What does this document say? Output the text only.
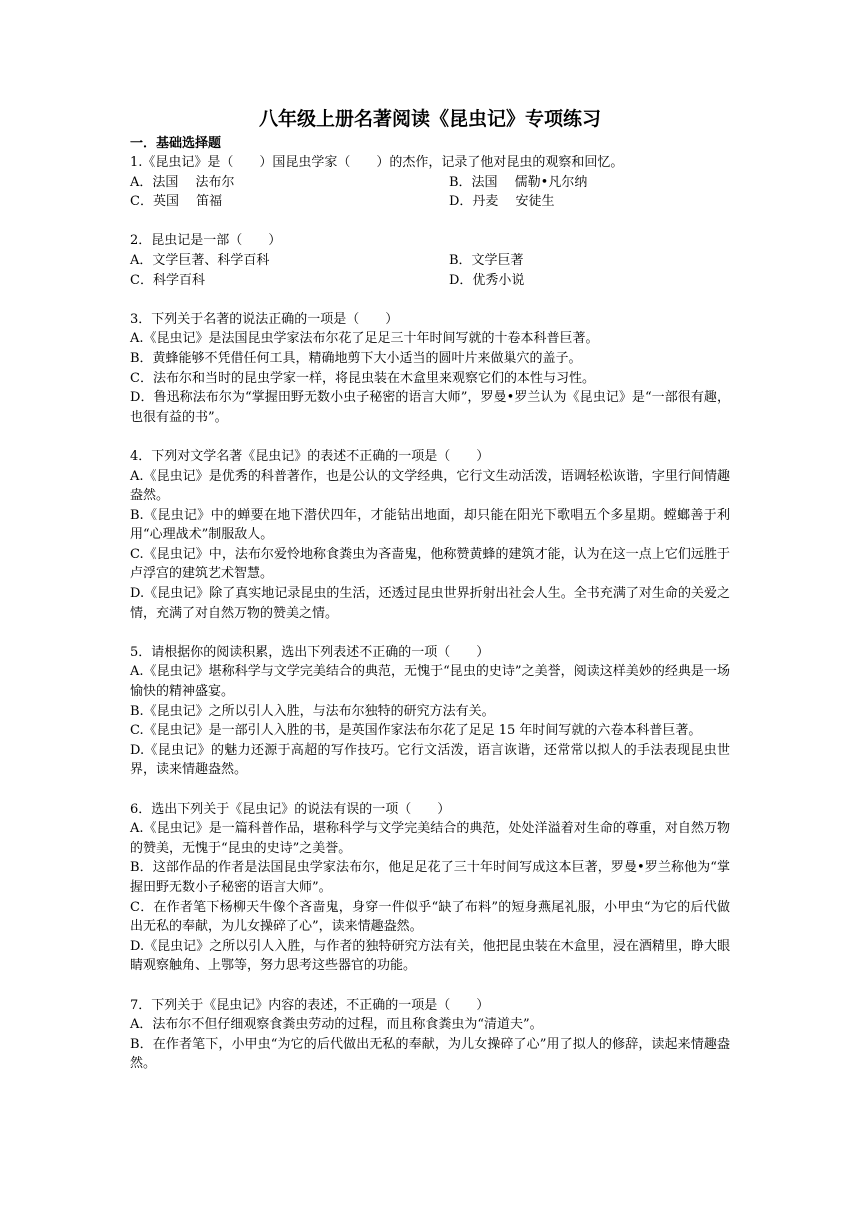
八年级上册名著阅读《昆虫记》专项练习
一．基础选择题
1.《昆虫记》是（　　）国昆虫学家（　　）的杰作，记录了他对昆虫的观察和回忆。
A．法国　 法布尔	B．法国　 儒勒•凡尔纳
C．英国　 笛福	D．丹麦　 安徒生
2．昆虫记是一部（　　）
A．文学巨著、科学百科	B．文学巨著
C．科学百科	D．优秀小说
3．下列关于名著的说法正确的一项是（　　）
A.《昆虫记》是法国昆虫学家法布尔花了足足三十年时间写就的十卷本科普巨著。
B．黄蜂能够不凭借任何工具，精确地剪下大小适当的圆叶片来做巢穴的盖子。
C．法布尔和当时的昆虫学家一样，将昆虫装在木盒里来观察它们的本性与习性。
D．鲁迅称法布尔为“掌握田野无数小虫子秘密的语言大师”，罗曼•罗兰认为《昆虫记》是“一部很有趣，也很有益的书”。
4．下列对文学名著《昆虫记》的表述不正确的一项是（　　）
A.《昆虫记》是优秀的科普著作，也是公认的文学经典，它行文生动活泼，语调轻松诙谐，字里行间情趣盎然。
B.《昆虫记》中的蝉要在地下潜伏四年，才能钻出地面，却只能在阳光下歌唱五个多星期。螳螂善于利用“心理战术”制服敌人。
C.《昆虫记》中，法布尔爱怜地称食粪虫为吝啬鬼，他称赞黄蜂的建筑才能，认为在这一点上它们远胜于卢浮宫的建筑艺术智慧。
D.《昆虫记》除了真实地记录昆虫的生活，还透过昆虫世界折射出社会人生。全书充满了对生命的关爱之情，充满了对自然万物的赞美之情。
5．请根据你的阅读积累，选出下列表述不正确的一项（　　）
A.《昆虫记》堪称科学与文学完美结合的典范，无愧于“昆虫的史诗”之美誉，阅读这样美妙的经典是一场愉快的精神盛宴。
B.《昆虫记》之所以引人入胜，与法布尔独特的研究方法有关。
C.《昆虫记》是一部引人入胜的书，是英国作家法布尔花了足足 15 年时间写就的六卷本科普巨著。
D.《昆虫记》的魅力还源于高超的写作技巧。它行文活泼，语言诙谐，还常常以拟人的手法表现昆虫世界，读来情趣盎然。
6．选出下列关于《昆虫记》的说法有误的一项（　　）
A.《昆虫记》是一篇科普作品，堪称科学与文学完美结合的典范，处处洋溢着对生命的尊重，对自然万物的赞美，无愧于“昆虫的史诗”之美誉。
B．这部作品的作者是法国昆虫学家法布尔，他足足花了三十年时间写成这本巨著，罗曼•罗兰称他为“掌握田野无数小子秘密的语言大师”。
C．在作者笔下杨柳天牛像个吝啬鬼，身穿一件似乎“缺了布料”的短身燕尾礼服，小甲虫“为它的后代做出无私的奉献，为儿女操碎了心”，读来情趣盎然。
D.《昆虫记》之所以引人入胜，与作者的独特研究方法有关，他把昆虫装在木盒里，浸在酒精里，睁大眼睛观察触角、上鄂等，努力思考这些器官的功能。
7．下列关于《昆虫记》内容的表述，不正确的一项是（　　）
A．法布尔不但仔细观察食粪虫劳动的过程，而且称食粪虫为“清道夫”。
B．在作者笔下，小甲虫“为它的后代做出无私的奉献，为儿女操碎了心”用了拟人的修辞，读起来情趣盎然。
